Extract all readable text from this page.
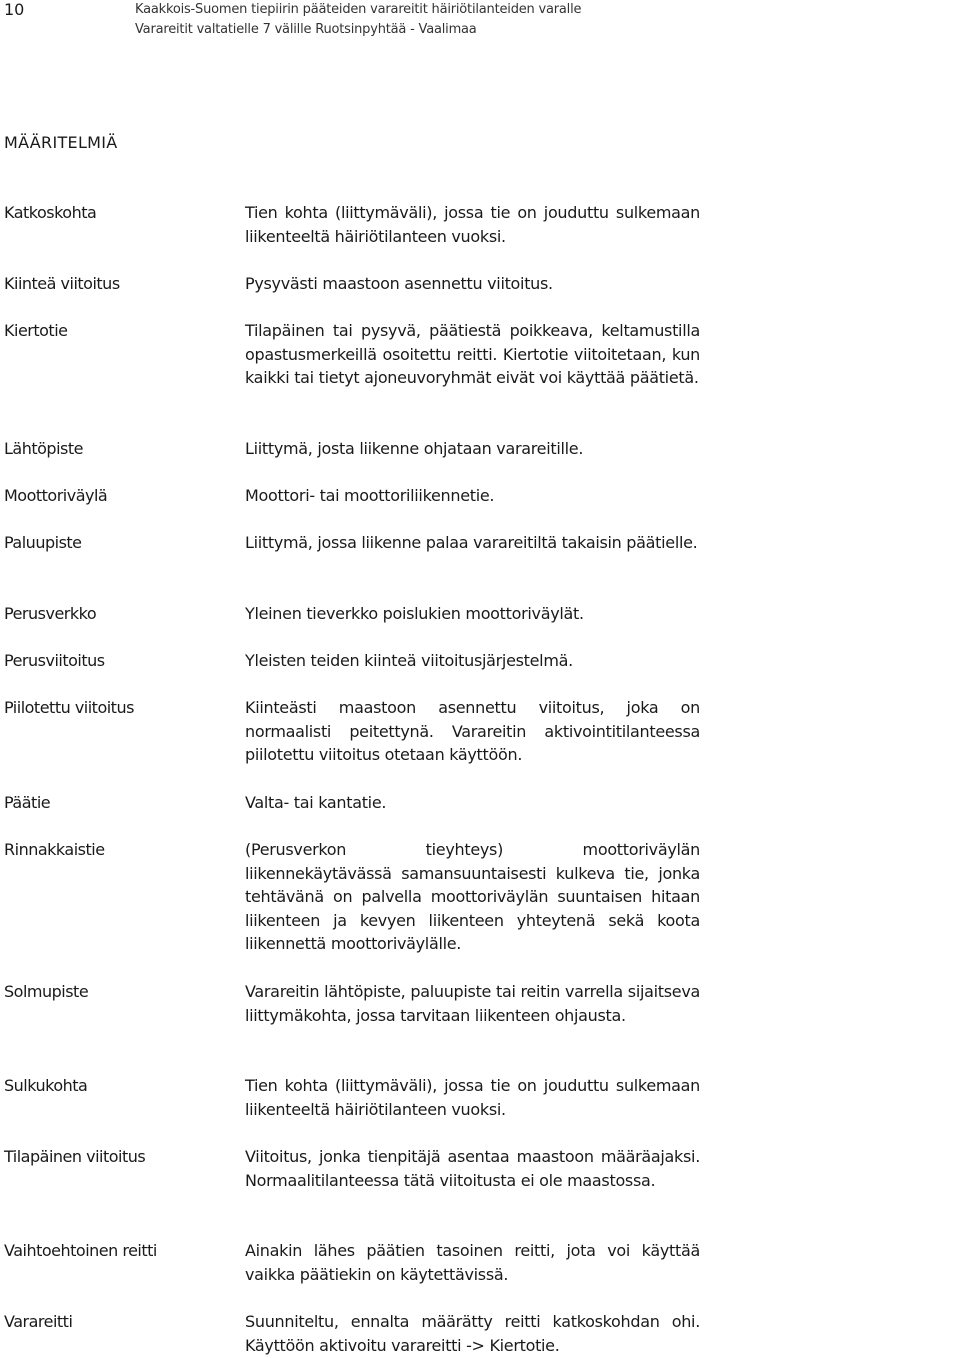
10	Kaakkois-Suomen tiepiirin pääteiden varareitit häiriötilanteiden varalle
Varareitit valtatielle 7 välille Ruotsinpyhtää - Vaalimaa
MÄÄRITELMIÄ
Katkoskohta	Tien kohta (liittymäväli), jossa tie on jouduttu sulkemaan liikenteeltä häiriötilanteen vuoksi.
Kiinteä viitoitus	Pysyvästi maastoon asennettu viitoitus.
Kiertotie	Tilapäinen tai pysyvä, päätiestä poikkeava, keltamustilla opastusmerkeillä osoitettu reitti. Kiertotie viitoitetaan, kun kaikki tai tietyt ajoneuvoryhmät eivät voi käyttää päätietä.
Lähtöpiste	Liittymä, josta liikenne ohjataan varareitille.
Moottoriväylä	Moottori- tai moottoriliikennetie.
Paluupiste	Liittymä, jossa liikenne palaa varareitiltä takaisin päätielle.
Perusverkko	Yleinen tieverkko poislukien moottoriväylät.
Perusviitoitus	Yleisten teiden kiinteä viitoitusjärjestelmä.
Piilotettu viitoitus	Kiinteästi maastoon asennettu viitoitus, joka on normaalisti peitettynä. Varareitin aktivointitilanteessa piilotettu viitoitus otetaan käyttöön.
Päätie	Valta- tai kantatie.
Rinnakkaistie	(Perusverkon tieyhteys) moottoriväylän liikennekäytävässä samansuuntaisesti kulkeva tie, jonka tehtävänä on palvella moottoriväylän suuntaisen hitaan liikenteen ja kevyen liikenteen yhteytenä sekä koota liikennettä moottoriväylälle.
Solmupiste	Varareitin lähtöpiste, paluupiste tai reitin varrella sijaitseva liittymäkohta, jossa tarvitaan liikenteen ohjausta.
Sulkukohta	Tien kohta (liittymäväli), jossa tie on jouduttu sulkemaan liikenteeltä häiriötilanteen vuoksi.
Tilapäinen viitoitus	Viitoitus, jonka tienpitäjä asentaa maastoon määräajaksi. Normaalitilanteessa tätä viitoitusta ei ole maastossa.
Vaihtoehtoinen reitti	Ainakin lähes päätien tasoinen reitti, jota voi käyttää vaikka päätiekin on käytettävissä.
Varareitti	Suunniteltu, ennalta määrätty reitti katkoskohdan ohi. Käyttöön aktivoitu varareitti -> Kiertotie.
